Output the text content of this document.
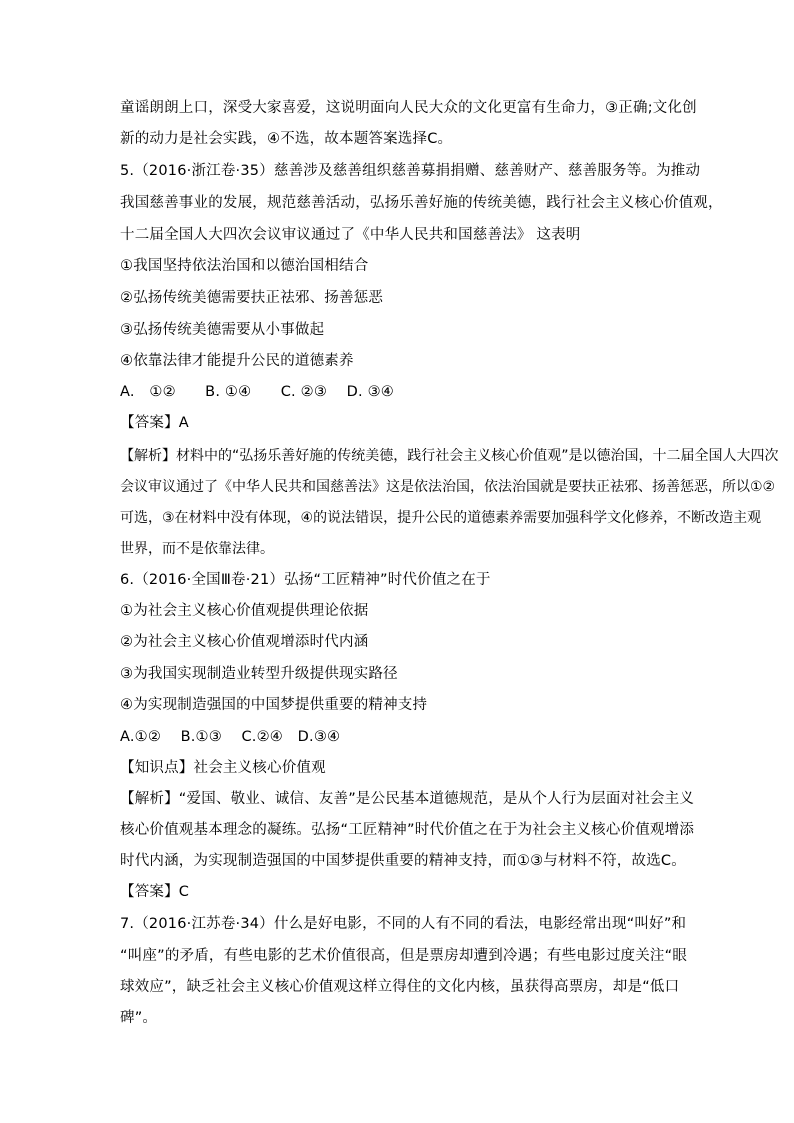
童谣朗朗上口，深受大家喜爱，这说明面向人民大众的文化更富有生命力，③正确;文化创
新的动力是社会实践，④不选，故本题答案选择C。
5.（2016·浙江卷·35）慈善涉及慈善组织慈善募捐捐赠、慈善财产、慈善服务等。为推动
我国慈善事业的发展，规范慈善活动，弘扬乐善好施的传统美德，践行社会主义核心价值观，
十二届全国人大四次会议审议通过了《中华人民共和国慈善法》 这表明
①我国坚持依法治国和以德治国相结合
②弘扬传统美德需要扶正祛邪、扬善惩恶
③弘扬传统美德需要从小事做起
④依靠法律才能提升公民的道德素养
A.　①②　　B. ①④　　C. ②③　 D. ③④
【答案】A
【解析】材料中的“弘扬乐善好施的传统美德，践行社会主义核心价值观”是以德治国，十二届全国人大四次
会议审议通过了《中华人民共和国慈善法》这是依法治国，依法治国就是要扶正祛邪、扬善惩恶，所以①②
可选，③在材料中没有体现，④的说法错误，提升公民的道德素养需要加强科学文化修养，不断改造主观
世界，而不是依靠法律。
6.（2016·全国Ⅲ卷·21）弘扬“工匠精神”时代价值之在于
①为社会主义核心价值观提供理论依据
②为社会主义核心价值观增添时代内涵
③为我国实现制造业转型升级提供现实路径
④为实现制造强国的中国梦提供重要的精神支持
A.①②　 B.①③　 C.②④　D.③④
【知识点】社会主义核心价值观
【解析】“爱国、敬业、诚信、友善”是公民基本道德规范，是从个人行为层面对社会主义
核心价值观基本理念的凝练。弘扬“工匠精神”时代价值之在于为社会主义核心价值观增添
时代内涵，为实现制造强国的中国梦提供重要的精神支持，而①③与材料不符，故选C。
【答案】C
7.（2016·江苏卷·34）什么是好电影，不同的人有不同的看法，电影经常出现“叫好”和
“叫座”的矛盾，有些电影的艺术价值很高，但是票房却遭到冷遇；有些电影过度关注“眼
球效应”，缺乏社会主义核心价值观这样立得住的文化内核，虽获得高票房，却是“低口
碑”。
